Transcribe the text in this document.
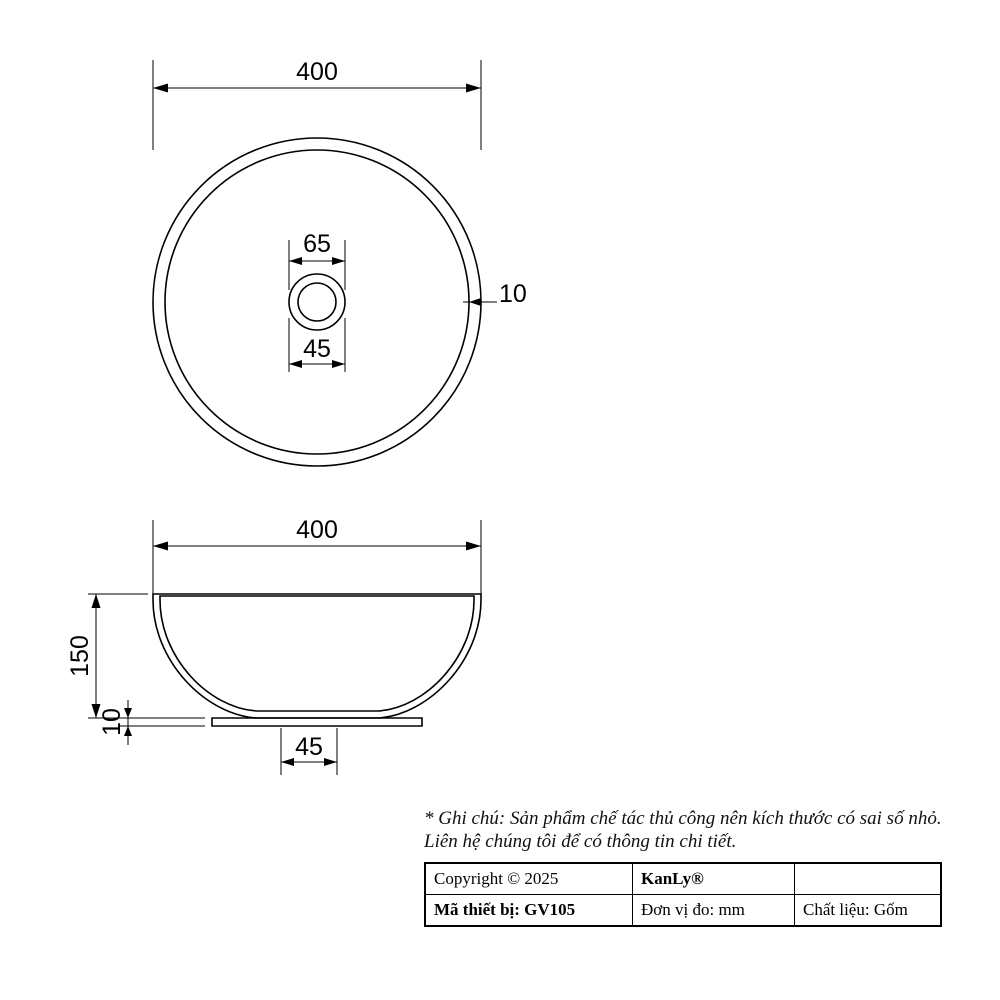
400
65
45
10
400
150
10
45
* Ghi chú: Sản phẩm chế tác thủ công nên kích thước có sai số nhỏ.
Liên hệ chúng tôi để có thông tin chi tiết.
Copyright © 2025	KanLy®	
Mã thiết bị: GV105	Đơn vị đo: mm	Chất liệu: Gốm
